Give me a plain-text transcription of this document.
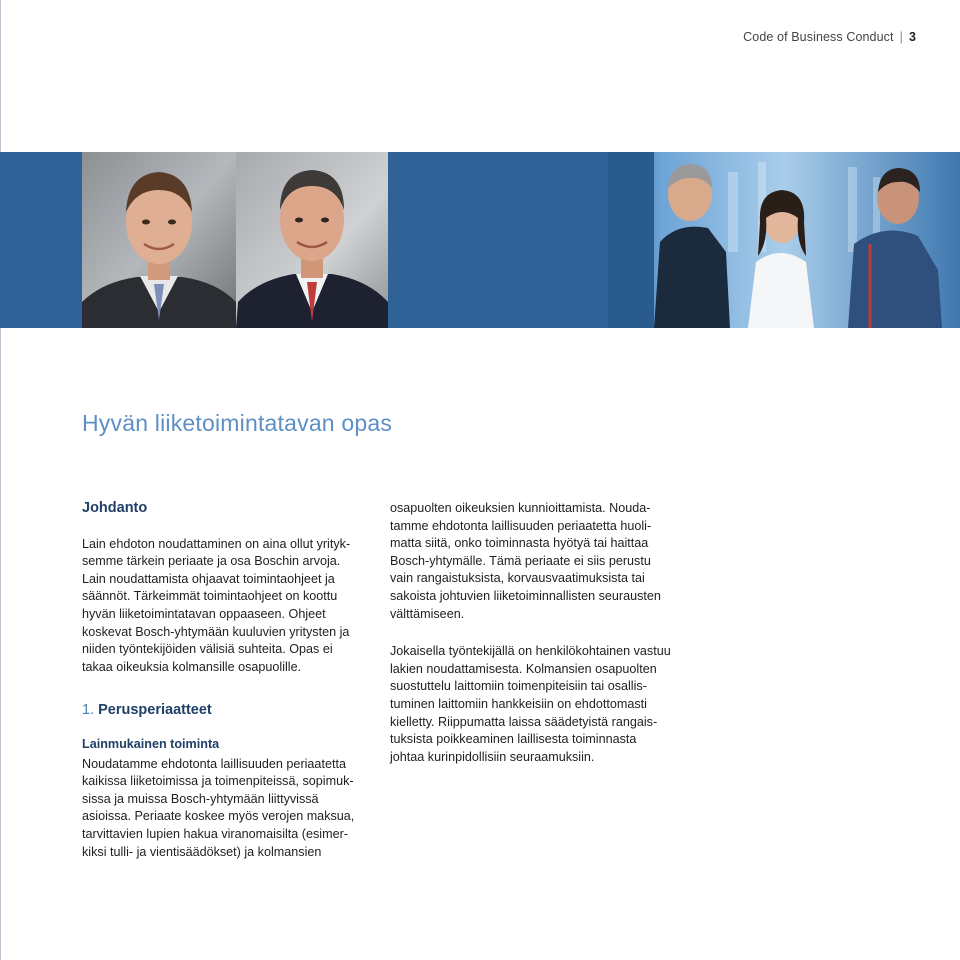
Code of Business Conduct | 3
Hyvän liiketoimintatavan opas
Johdanto

Lain ehdoton noudattaminen on aina ollut yrityk-
semme tärkein periaate ja osa Boschin arvoja.
Lain noudattamista ohjaavat toimintaohjeet ja
säännöt. Tärkeimmät toimintaohjeet on koottu
hyvän liiketoimintatavan oppaaseen. Ohjeet
koskevat Bosch-yhtymään kuuluvien yritysten ja
niiden työntekijöiden välisiä suhteita. Opas ei
takaa oikeuksia kolmansille osapuolille.

1. Perusperiaatteet
Lainmukainen toiminta

Noudatamme ehdotonta laillisuuden periaatetta
kaikissa liiketoimissa ja toimenpiteissä, sopimuk-
sissa ja muissa Bosch-yhtymään liittyvissä
asioissa. Periaate koskee myös verojen maksua,
tarvittavien lupien hakua viranomaisilta (esimer-
kiksi tulli- ja vientisäädökset) ja kolmansien

osapuolten oikeuksien kunnioittamista. Nouda-
tamme ehdotonta laillisuuden periaatetta huoli-
matta siitä, onko toiminnasta hyötyä tai haittaa
Bosch-yhtymälle. Tämä periaate ei siis perustu
vain rangaistuksista, korvausvaatimuksista tai
sakoista johtuvien liiketoiminnallisten seurausten
välttämiseen.

Jokaisella työntekijällä on henkilökohtainen vastuu
lakien noudattamisesta. Kolmansien osapuolten
suostuttelu laittomiin toimenpiteisiin tai osallis-
tuminen laittomiin hankkeisiin on ehdottomasti
kielletty. Riippumatta laissa säädetyistä rangais-
tuksista poikkeaminen laillisesta toiminnasta
johtaa kurinpidollisiin seuraamuksiin.
